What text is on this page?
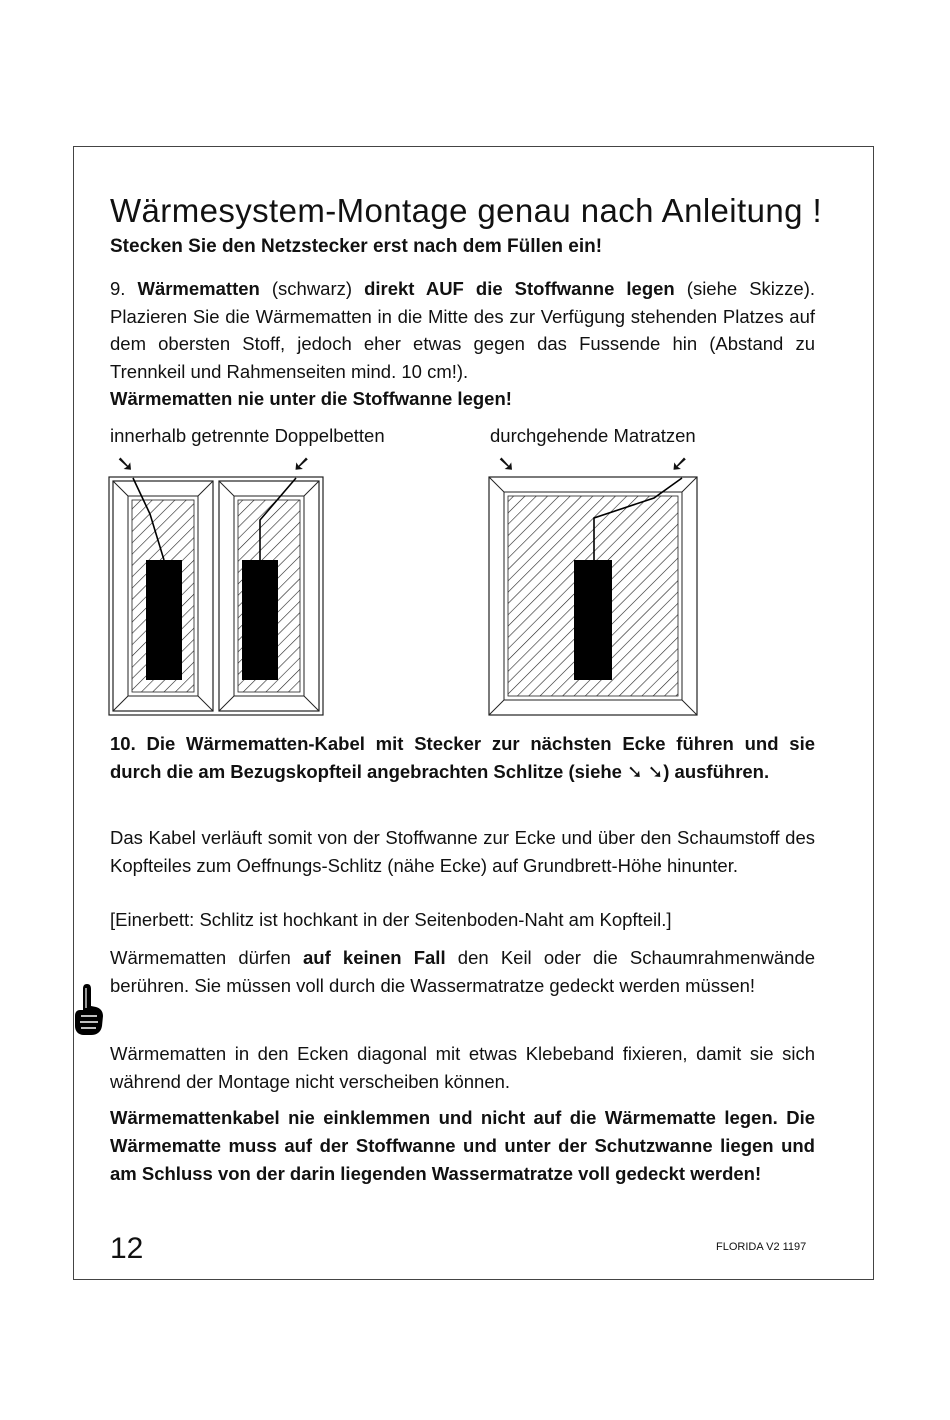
Wärmesystem-Montage genau nach Anleitung !
Stecken Sie den Netzstecker erst nach dem Füllen ein!
9. Wärmematten (schwarz) direkt AUF die Stoffwanne legen (siehe Skizze). Plazieren Sie die Wärmematten in die Mitte des zur Verfügung stehenden Platzes auf dem obersten Stoff, jedoch eher etwas gegen das Fussende hin (Abstand zu Trennkeil und Rahmenseiten mind. 10 cm!).
Wärmematten nie unter die Stoffwanne legen!
innerhalb getrennte Doppelbetten	durchgehende Matratzen
➘	➘	➘	➘
10. Die Wärmematten-Kabel mit Stecker zur nächsten Ecke führen und sie durch die am Bezugskopfteil angebrachten Schlitze (siehe ➘ ➘) ausführen.
Das Kabel verläuft somit von der Stoffwanne zur Ecke und über den Schaumstoff des Kopfteiles zum Oeffnungs-Schlitz (nähe Ecke) auf Grundbrett-Höhe hinunter.
[Einerbett: Schlitz ist hochkant in der Seitenboden-Naht am Kopfteil.]
Wärmematten dürfen auf keinen Fall den Keil oder die Schaumrahmenwände berühren. Sie müssen voll durch die Wassermatratze gedeckt werden müssen!
Wärmematten in den Ecken diagonal mit etwas Klebeband fixieren, damit sie sich während der Montage nicht verscheiben können.
Wärmemattenkabel nie einklemmen und nicht auf die Wärmematte legen. Die Wärmematte muss auf der Stoffwanne und unter der Schutzwanne liegen und am Schluss von der darin liegenden Wassermatratze voll gedeckt werden!
12	FLORIDA V2 1197
